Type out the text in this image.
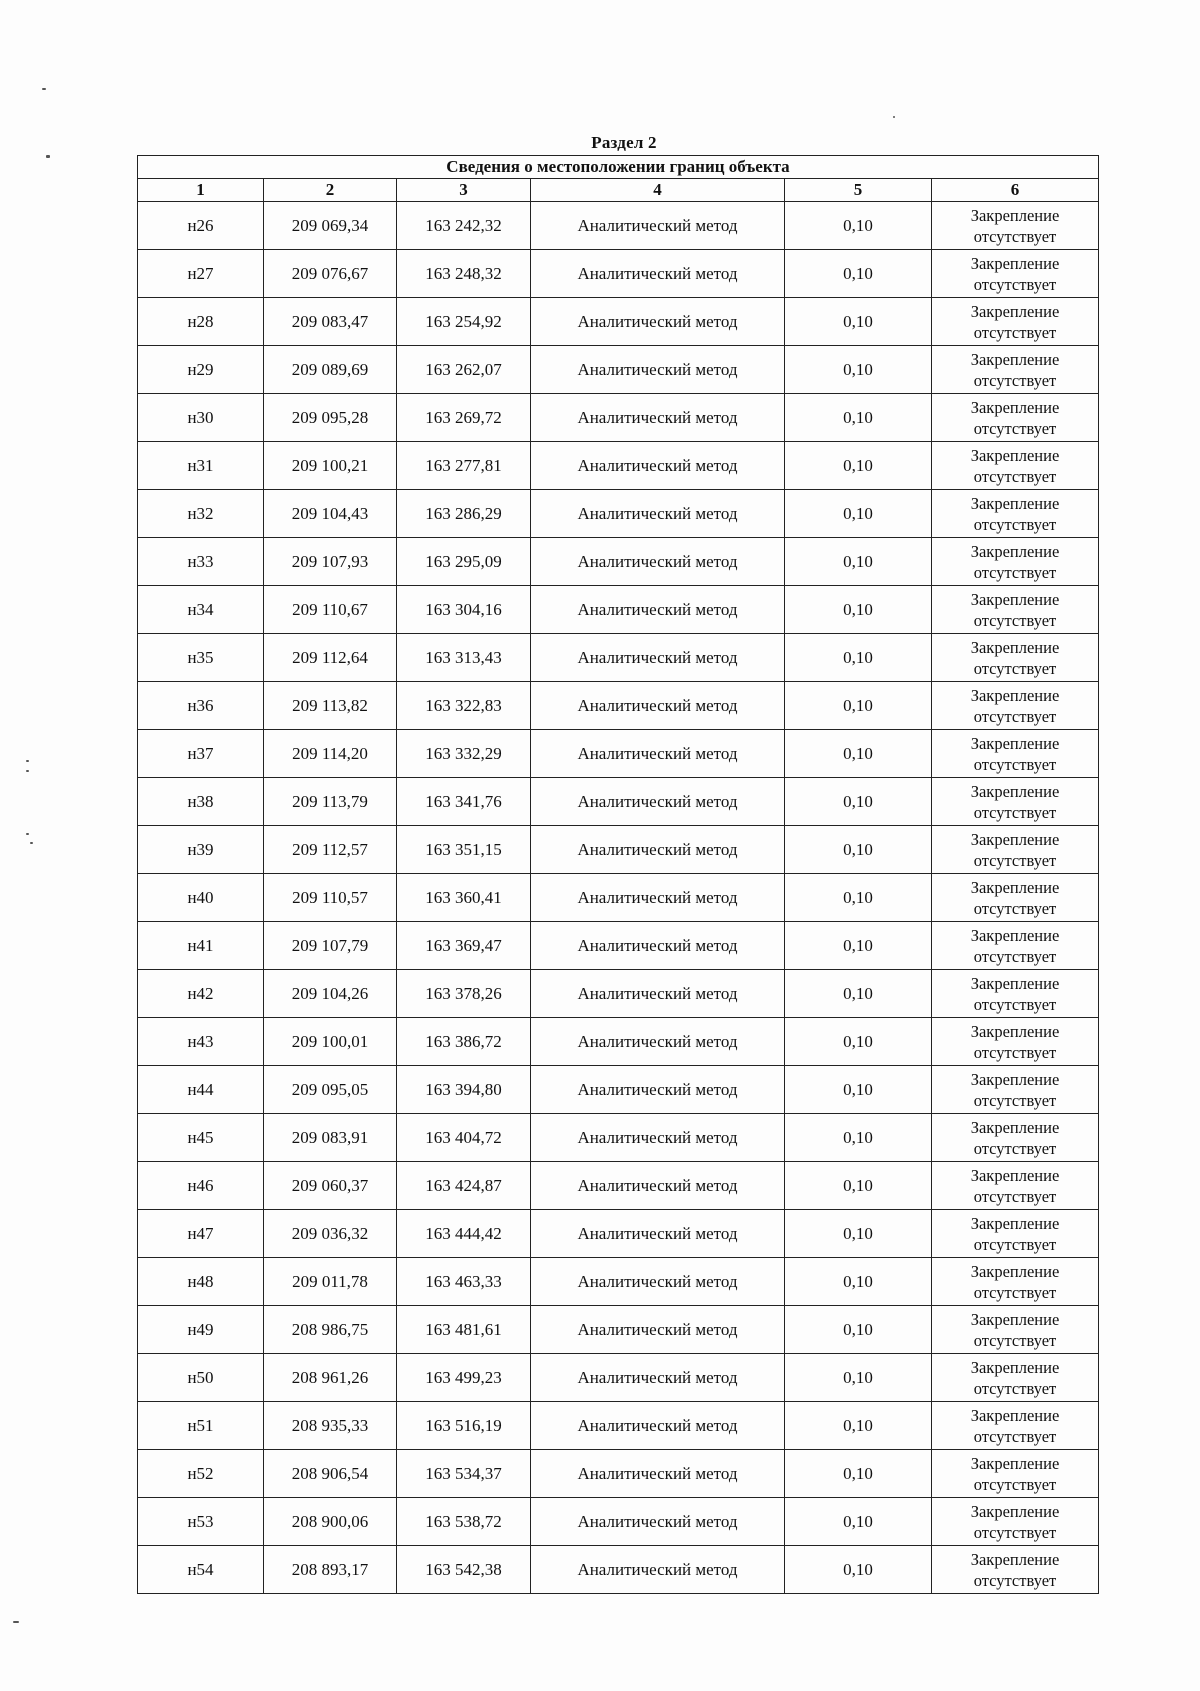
Раздел 2
Сведения о местоположении границ объекта					
1	2	3	4	5	6
н26	209 069,34	163 242,32	Аналитический метод	0,10	Закрепление отсутствует
н27	209 076,67	163 248,32	Аналитический метод	0,10	Закрепление отсутствует
н28	209 083,47	163 254,92	Аналитический метод	0,10	Закрепление отсутствует
н29	209 089,69	163 262,07	Аналитический метод	0,10	Закрепление отсутствует
н30	209 095,28	163 269,72	Аналитический метод	0,10	Закрепление отсутствует
н31	209 100,21	163 277,81	Аналитический метод	0,10	Закрепление отсутствует
н32	209 104,43	163 286,29	Аналитический метод	0,10	Закрепление отсутствует
н33	209 107,93	163 295,09	Аналитический метод	0,10	Закрепление отсутствует
н34	209 110,67	163 304,16	Аналитический метод	0,10	Закрепление отсутствует
н35	209 112,64	163 313,43	Аналитический метод	0,10	Закрепление отсутствует
н36	209 113,82	163 322,83	Аналитический метод	0,10	Закрепление отсутствует
н37	209 114,20	163 332,29	Аналитический метод	0,10	Закрепление отсутствует
н38	209 113,79	163 341,76	Аналитический метод	0,10	Закрепление отсутствует
н39	209 112,57	163 351,15	Аналитический метод	0,10	Закрепление отсутствует
н40	209 110,57	163 360,41	Аналитический метод	0,10	Закрепление отсутствует
н41	209 107,79	163 369,47	Аналитический метод	0,10	Закрепление отсутствует
н42	209 104,26	163 378,26	Аналитический метод	0,10	Закрепление отсутствует
н43	209 100,01	163 386,72	Аналитический метод	0,10	Закрепление отсутствует
н44	209 095,05	163 394,80	Аналитический метод	0,10	Закрепление отсутствует
н45	209 083,91	163 404,72	Аналитический метод	0,10	Закрепление отсутствует
н46	209 060,37	163 424,87	Аналитический метод	0,10	Закрепление отсутствует
н47	209 036,32	163 444,42	Аналитический метод	0,10	Закрепление отсутствует
н48	209 011,78	163 463,33	Аналитический метод	0,10	Закрепление отсутствует
н49	208 986,75	163 481,61	Аналитический метод	0,10	Закрепление отсутствует
н50	208 961,26	163 499,23	Аналитический метод	0,10	Закрепление отсутствует
н51	208 935,33	163 516,19	Аналитический метод	0,10	Закрепление отсутствует
н52	208 906,54	163 534,37	Аналитический метод	0,10	Закрепление отсутствует
н53	208 900,06	163 538,72	Аналитический метод	0,10	Закрепление отсутствует
н54	208 893,17	163 542,38	Аналитический метод	0,10	Закрепление отсутствует
